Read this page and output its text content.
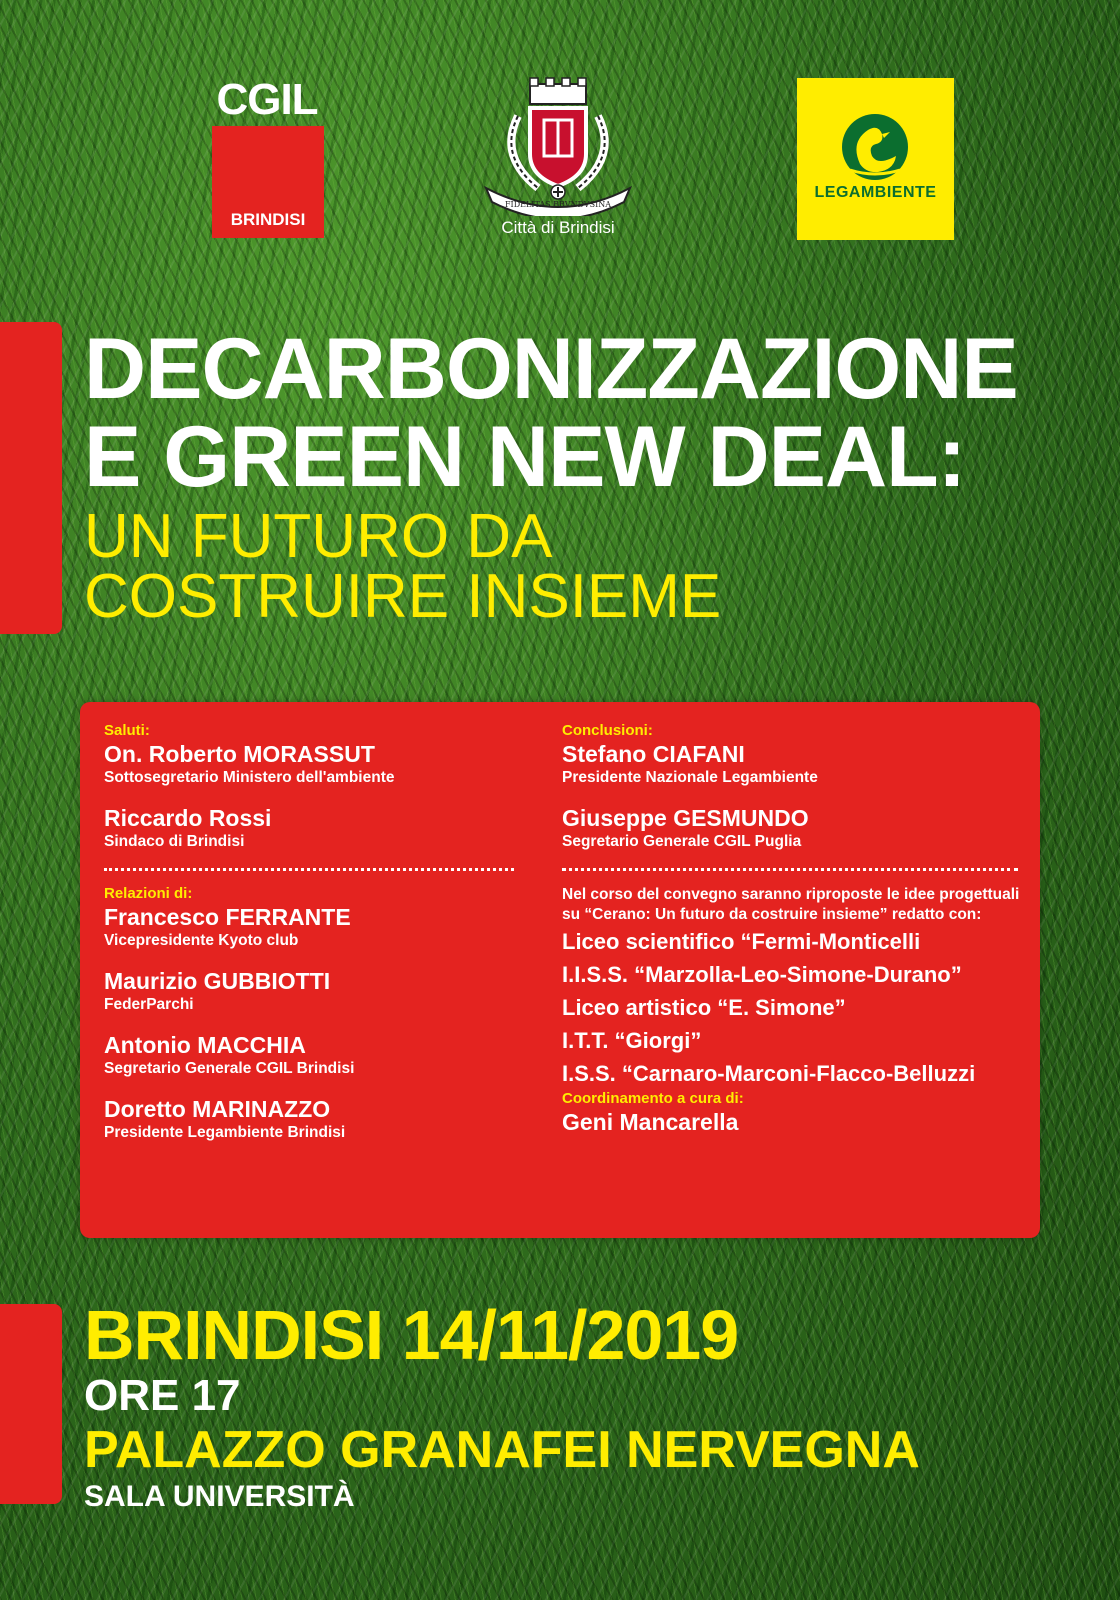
CGIL
BRINDISI
FIDELITAS BRVNDVSINA
Città di Brindisi
LEGAMBIENTE
DECARBONIZZAZIONE
E GREEN NEW DEAL:
UN FUTURO DA
COSTRUIRE INSIEME
Saluti:
On. Roberto MORASSUT
Sottosegretario Ministero dell'ambiente
Riccardo Rossi
Sindaco di Brindisi
Relazioni di:
Francesco FERRANTE
Vicepresidente Kyoto club
Maurizio GUBBIOTTI
FederParchi
Antonio MACCHIA
Segretario Generale CGIL Brindisi
Doretto MARINAZZO
Presidente Legambiente Brindisi
Conclusioni:
Stefano CIAFANI
Presidente Nazionale Legambiente
Giuseppe GESMUNDO
Segretario Generale CGIL Puglia
Nel corso del convegno saranno riproposte le idee progettuali su “Cerano: Un futuro da costruire insieme” redatto con:
Liceo scientifico “Fermi-Monticelli
I.I.S.S. “Marzolla-Leo-Simone-Durano”
Liceo artistico “E. Simone”
I.T.T. “Giorgi”
I.S.S. “Carnaro-Marconi-Flacco-Belluzzi
Coordinamento a cura di:
Geni Mancarella
BRINDISI 14/11/2019
ORE 17
PALAZZO GRANAFEI NERVEGNA
SALA UNIVERSITÀ
